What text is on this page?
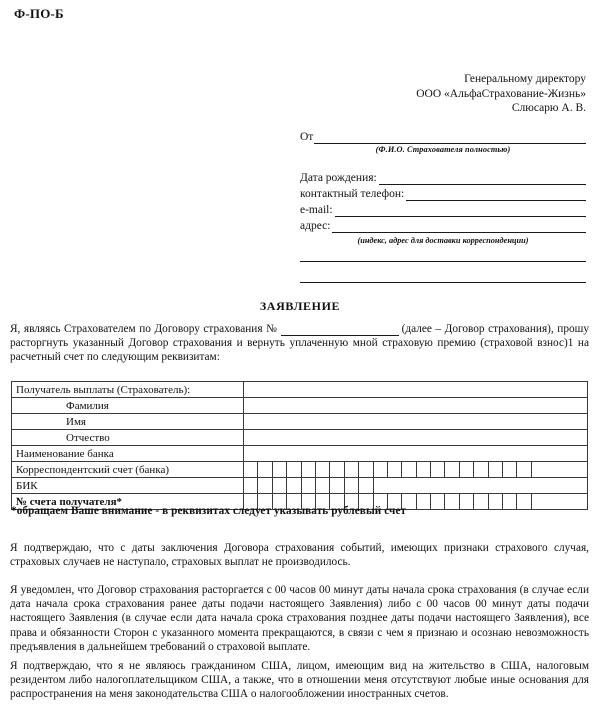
Ф-ПО-Б
Генеральному директору
ООО «АльфаСтрахование-Жизнь»
Слюсарю А. В.
От
(Ф.И.О. Страхователя полностью)
Дата рождения:
контактный телефон:
e-mail:
адрес:
(индекс, адрес для доставки корреспонденции)
ЗАЯВЛЕНИЕ
Я, являясь Страхователем по Договору страхования №	(далее – Договор страхования), прошу расторгнуть указанный Договор страхования и вернуть уплаченную мной страховую премию (страховой взнос)1 на расчетный счет по следующим реквизитам:
Получатель выплаты (Страхователь):	
Фамилия	
Имя	
Отчество	
Наименование банка	
Корреспондентский счет (банка)	

БИК	

№ счета получателя*	
*обращаем Ваше внимание - в реквизитах следует указывать рублевый счет
Я подтверждаю, что с даты заключения Договора страхования событий, имеющих признаки страхового случая, страховых случаев не наступало, страховых выплат не производилось.
Я уведомлен, что Договор страхования расторгается с 00 часов 00 минут даты начала срока страхования (в случае если дата начала срока страхования ранее даты подачи настоящего Заявления) либо с 00 часов 00 минут даты подачи настоящего Заявления (в случае если дата начала срока страхования позднее даты подачи настоящего Заявления), все права и обязанности Сторон с указанного момента прекращаются, в связи с чем я признаю и осознаю невозможность предъявления в дальнейшем требований о страховой выплате.
Я подтверждаю, что я не являюсь гражданином США, лицом, имеющим вид на жительство в США, налоговым резидентом либо налогоплательщиком США, а также, что в отношении меня отсутствуют любые иные основания для распространения на меня законодательства США о налогообложении иностранных счетов.
